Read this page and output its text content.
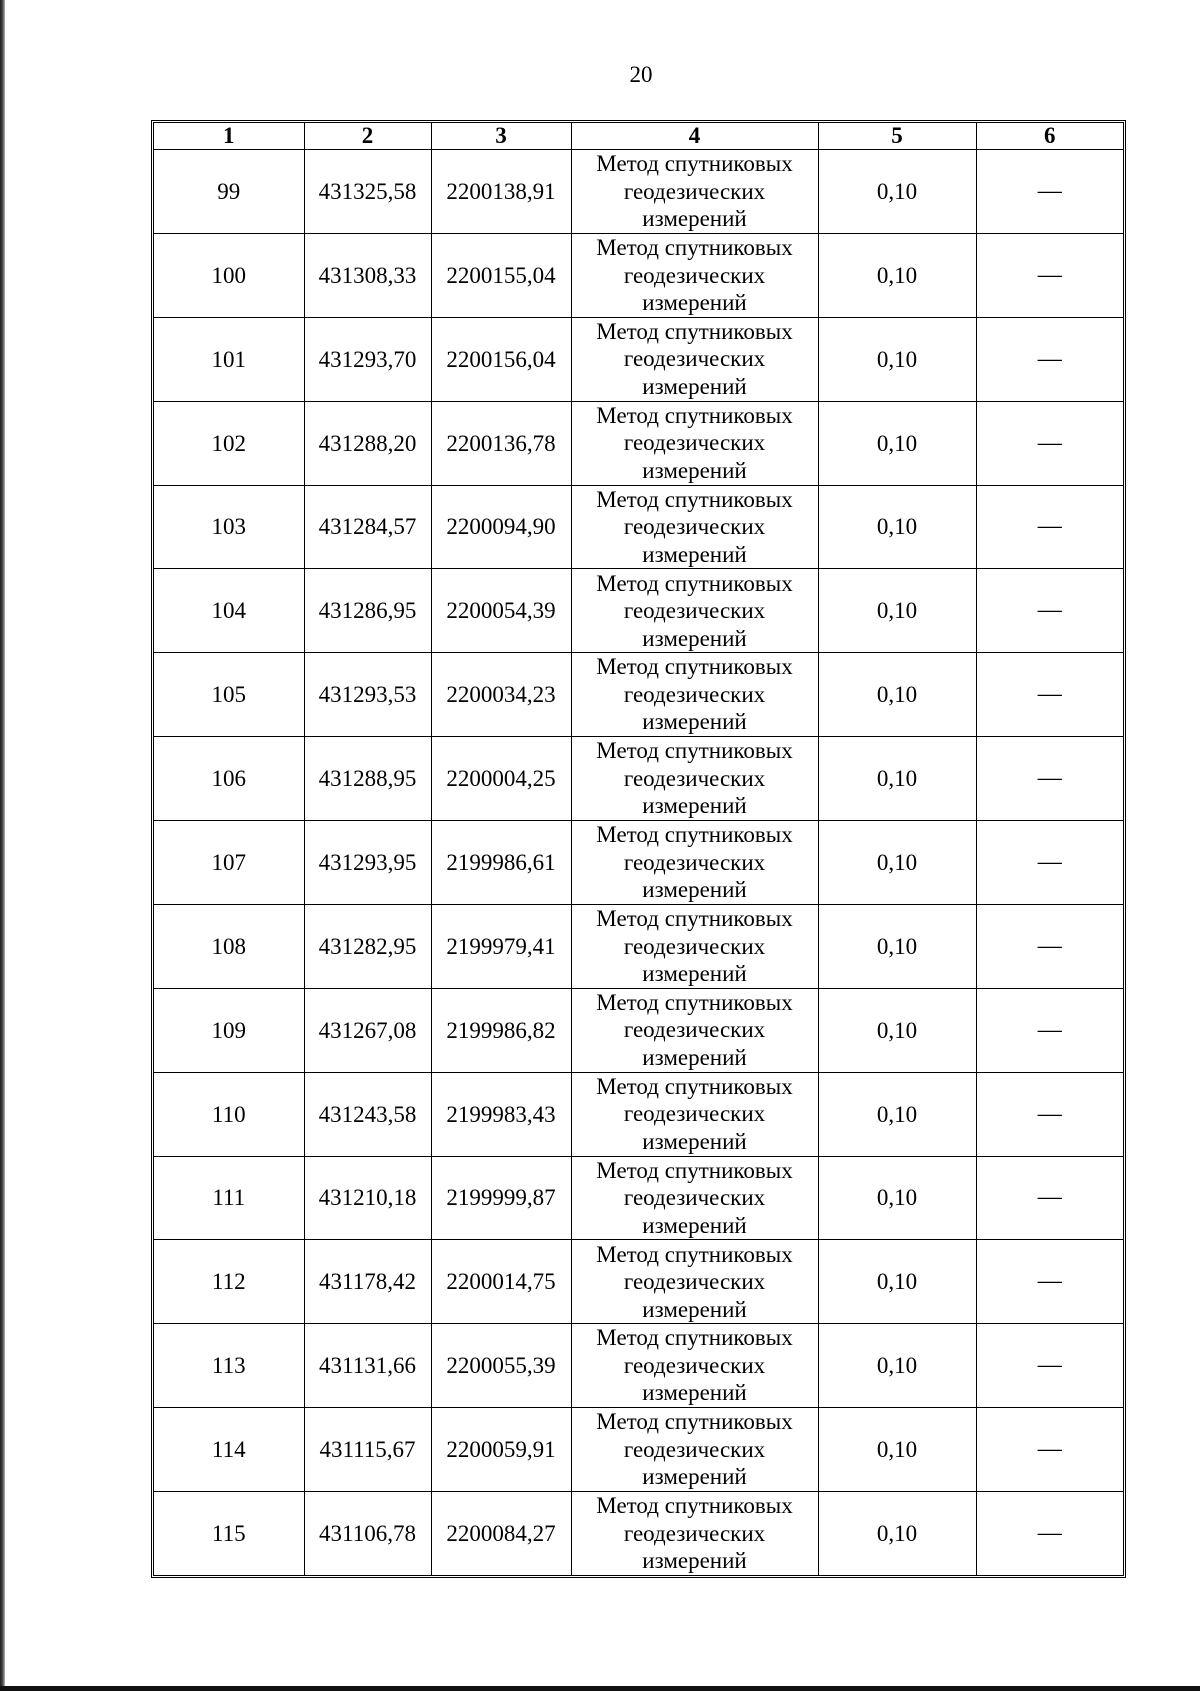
20
1	2	3	4	5	6
99	431325,58	2200138,91	Метод спутниковых геодезических измерений	0,10	—
100	431308,33	2200155,04	Метод спутниковых геодезических измерений	0,10	—
101	431293,70	2200156,04	Метод спутниковых геодезических измерений	0,10	—
102	431288,20	2200136,78	Метод спутниковых геодезических измерений	0,10	—
103	431284,57	2200094,90	Метод спутниковых геодезических измерений	0,10	—
104	431286,95	2200054,39	Метод спутниковых геодезических измерений	0,10	—
105	431293,53	2200034,23	Метод спутниковых геодезических измерений	0,10	—
106	431288,95	2200004,25	Метод спутниковых геодезических измерений	0,10	—
107	431293,95	2199986,61	Метод спутниковых геодезических измерений	0,10	—
108	431282,95	2199979,41	Метод спутниковых геодезических измерений	0,10	—
109	431267,08	2199986,82	Метод спутниковых геодезических измерений	0,10	—
110	431243,58	2199983,43	Метод спутниковых геодезических измерений	0,10	—
111	431210,18	2199999,87	Метод спутниковых геодезических измерений	0,10	—
112	431178,42	2200014,75	Метод спутниковых геодезических измерений	0,10	—
113	431131,66	2200055,39	Метод спутниковых геодезических измерений	0,10	—
114	431115,67	2200059,91	Метод спутниковых геодезических измерений	0,10	—
115	431106,78	2200084,27	Метод спутниковых геодезических измерений	0,10	—
